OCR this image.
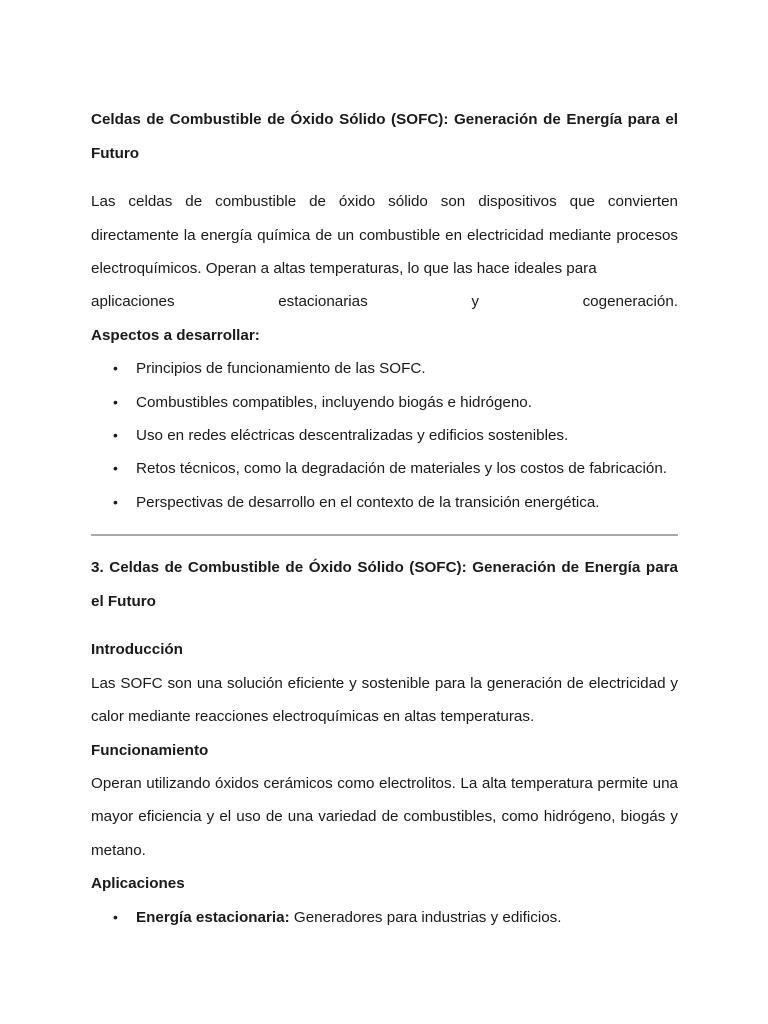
Celdas de Combustible de Óxido Sólido (SOFC): Generación de Energía para el Futuro

Las celdas de combustible de óxido sólido son dispositivos que convierten directamente la energía química de un combustible en electricidad mediante procesos electroquímicos. Operan a altas temperaturas, lo que las hace ideales para

aplicaciones estacionarias y cogeneración.

Aspectos a desarrollar:

• Principios de funcionamiento de las SOFC.
• Combustibles compatibles, incluyendo biogás e hidrógeno.
• Uso en redes eléctricas descentralizadas y edificios sostenibles.
• Retos técnicos, como la degradación de materiales y los costos de fabricación.
• Perspectivas de desarrollo en el contexto de la transición energética.

3. Celdas de Combustible de Óxido Sólido (SOFC): Generación de Energía para el Futuro

Introducción

Las SOFC son una solución eficiente y sostenible para la generación de electricidad y calor mediante reacciones electroquímicas en altas temperaturas.

Funcionamiento

Operan utilizando óxidos cerámicos como electrolitos. La alta temperatura permite una mayor eficiencia y el uso de una variedad de combustibles, como hidrógeno, biogás y metano.

Aplicaciones

• Energía estacionaria: Generadores para industrias y edificios.
